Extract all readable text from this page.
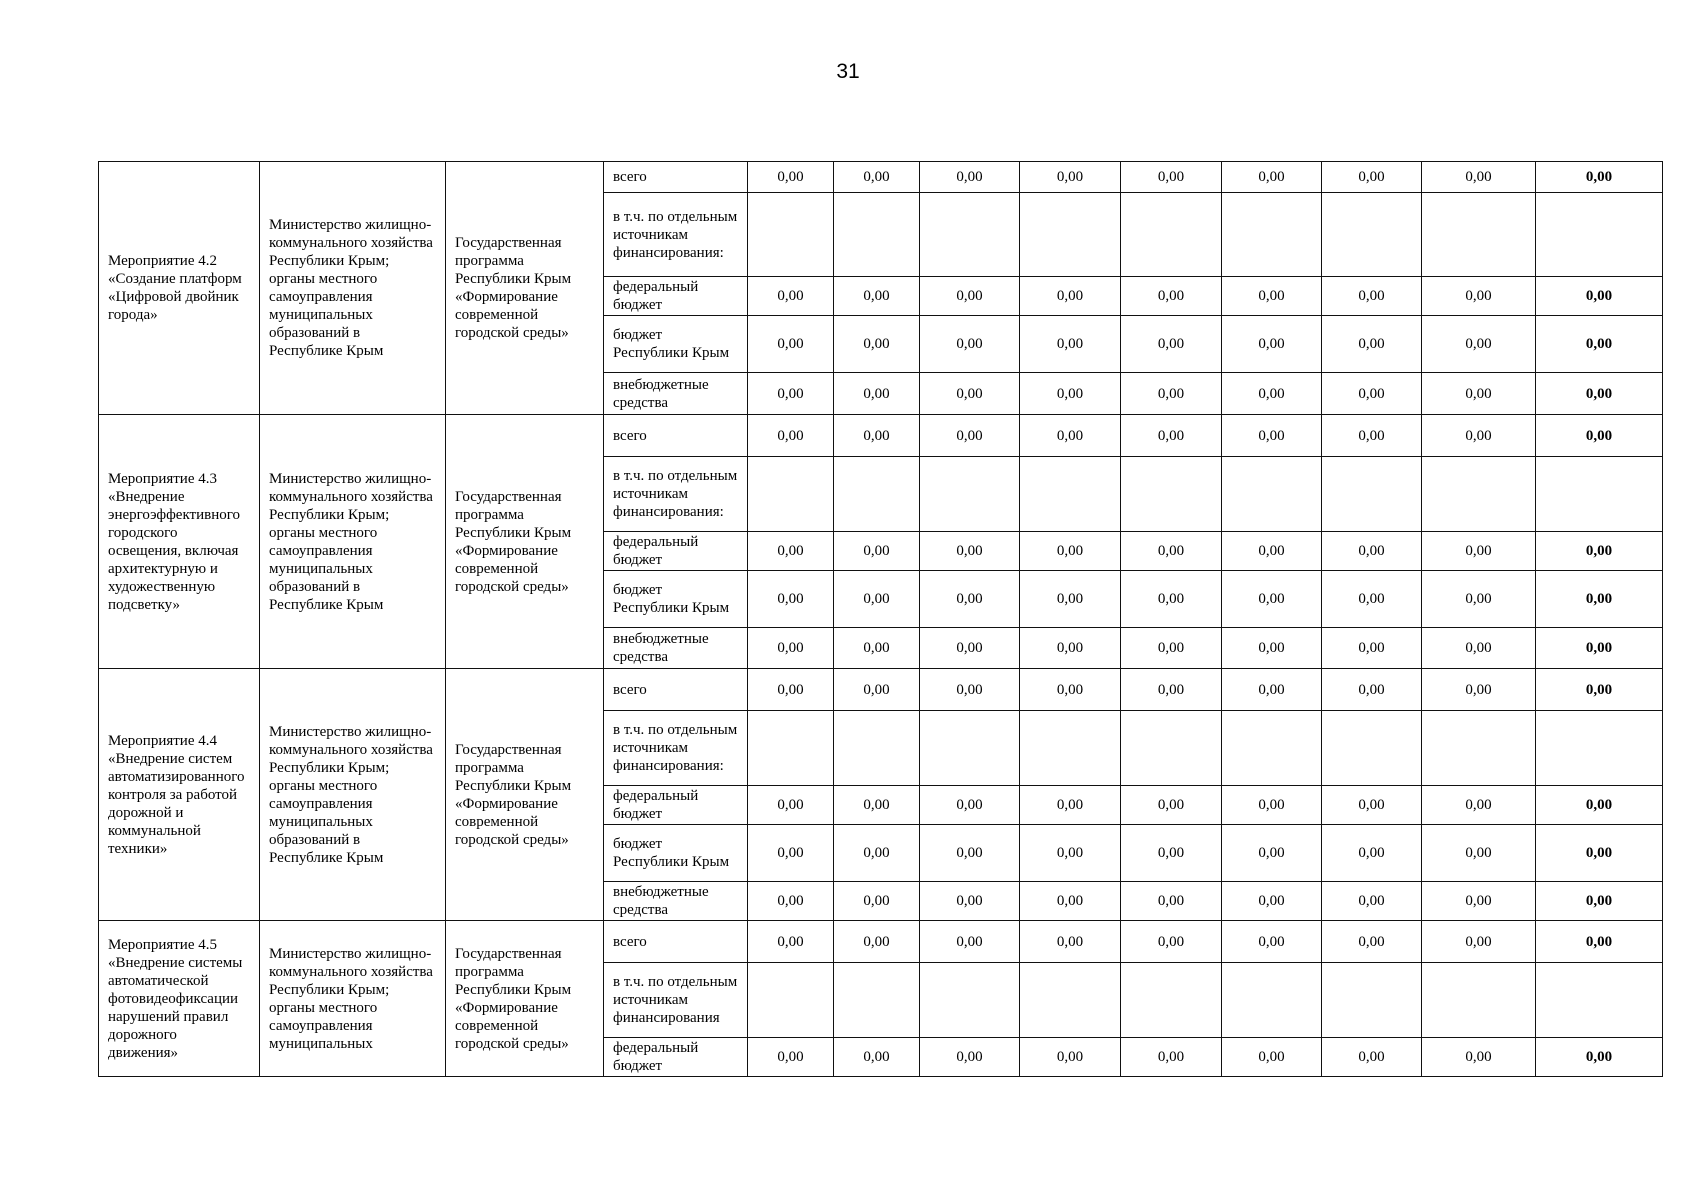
31
Мероприятие 4.2 «Создание платформ «Цифровой двойник города»	Министерство жилищно-коммунального хозяйства Республики Крым; органы местного самоуправления муниципальных образований в Республике Крым	Государственная программа Республики Крым «Формирование современной городской среды»	всего	0,00	0,00	0,00	0,00	0,00	0,00	0,00	0,00	0,00
			в т.ч. по отдельным источникам финансирования:									
			федеральный бюджет	0,00	0,00	0,00	0,00	0,00	0,00	0,00	0,00	0,00
			бюджет Республики Крым	0,00	0,00	0,00	0,00	0,00	0,00	0,00	0,00	0,00
			внебюджетные средства	0,00	0,00	0,00	0,00	0,00	0,00	0,00	0,00	0,00
Мероприятие 4.3 «Внедрение энергоэффективного городского освещения, включая архитектурную и художественную подсветку»	Министерство жилищно-коммунального хозяйства Республики Крым; органы местного самоуправления муниципальных образований в Республике Крым	Государственная программа Республики Крым «Формирование современной городской среды»	всего	0,00	0,00	0,00	0,00	0,00	0,00	0,00	0,00	0,00
			в т.ч. по отдельным источникам финансирования:									
			федеральный бюджет	0,00	0,00	0,00	0,00	0,00	0,00	0,00	0,00	0,00
			бюджет Республики Крым	0,00	0,00	0,00	0,00	0,00	0,00	0,00	0,00	0,00
			внебюджетные средства	0,00	0,00	0,00	0,00	0,00	0,00	0,00	0,00	0,00
Мероприятие 4.4 «Внедрение систем автоматизированного контроля за работой дорожной и коммунальной техники»	Министерство жилищно-коммунального хозяйства Республики Крым; органы местного самоуправления муниципальных образований в Республике Крым	Государственная программа Республики Крым «Формирование современной городской среды»	всего	0,00	0,00	0,00	0,00	0,00	0,00	0,00	0,00	0,00
			в т.ч. по отдельным источникам финансирования:									
			федеральный бюджет	0,00	0,00	0,00	0,00	0,00	0,00	0,00	0,00	0,00
			бюджет Республики Крым	0,00	0,00	0,00	0,00	0,00	0,00	0,00	0,00	0,00
			внебюджетные средства	0,00	0,00	0,00	0,00	0,00	0,00	0,00	0,00	0,00
Мероприятие 4.5 «Внедрение системы автоматической фотовидеофиксации нарушений правил дорожного движения»	Министерство жилищно-коммунального хозяйства Республики Крым; органы местного самоуправления муниципальных	Государственная программа Республики Крым «Формирование современной городской среды»	всего	0,00	0,00	0,00	0,00	0,00	0,00	0,00	0,00	0,00
			в т.ч. по отдельным источникам финансирования									
			федеральный бюджет	0,00	0,00	0,00	0,00	0,00	0,00	0,00	0,00	0,00
